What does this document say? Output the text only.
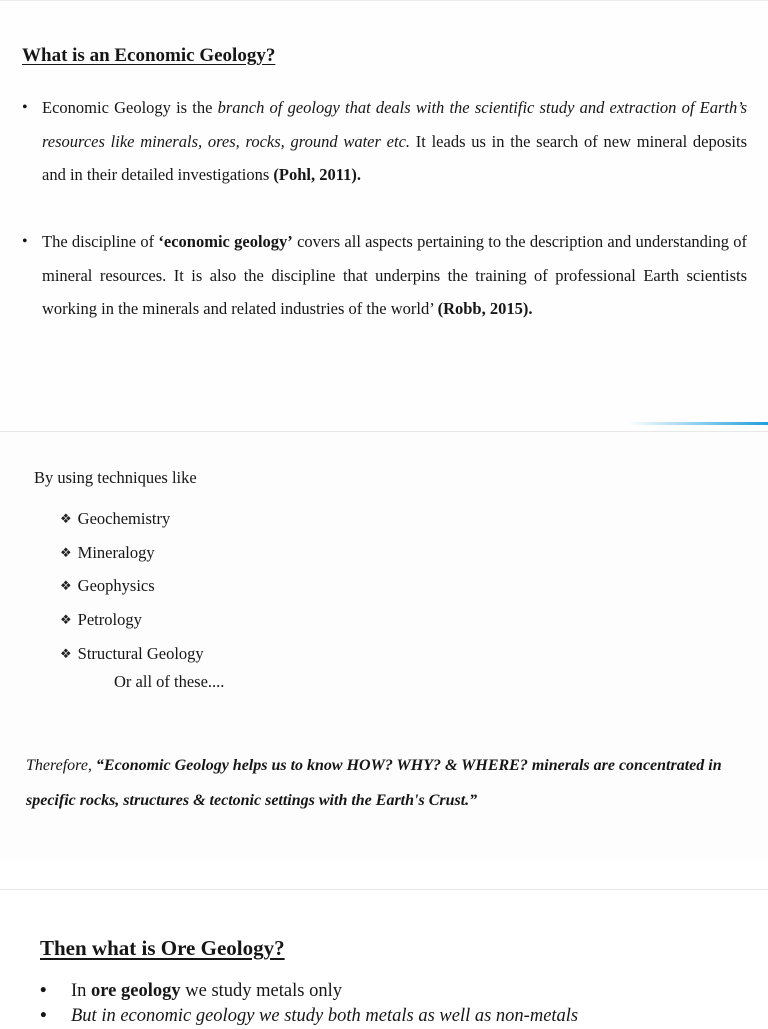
What is an Economic Geology?
• Economic Geology is the branch of geology that deals with the scientific study and extraction of Earth’s resources like minerals, ores, rocks, ground water etc. It leads us in the search of new mineral deposits and in their detailed investigations (Pohl, 2011).
• The discipline of ‘economic geology’ covers all aspects pertaining to the description and understanding of mineral resources. It is also the discipline that underpins the training of professional Earth scientists working in the minerals and related industries of the world’ (Robb, 2015).
By using techniques like
❖ Geochemistry
❖ Mineralogy
❖ Geophysics
❖ Petrology
❖ Structural Geology
Or all of these....

Therefore, “Economic Geology helps us to know HOW? WHY? & WHERE? minerals are concentrated in specific rocks, structures & tectonic settings with the Earth's Crust.”

Then what is Ore Geology?
• In ore geology we study metals only
• But in economic geology we study both metals as well as non-metals
